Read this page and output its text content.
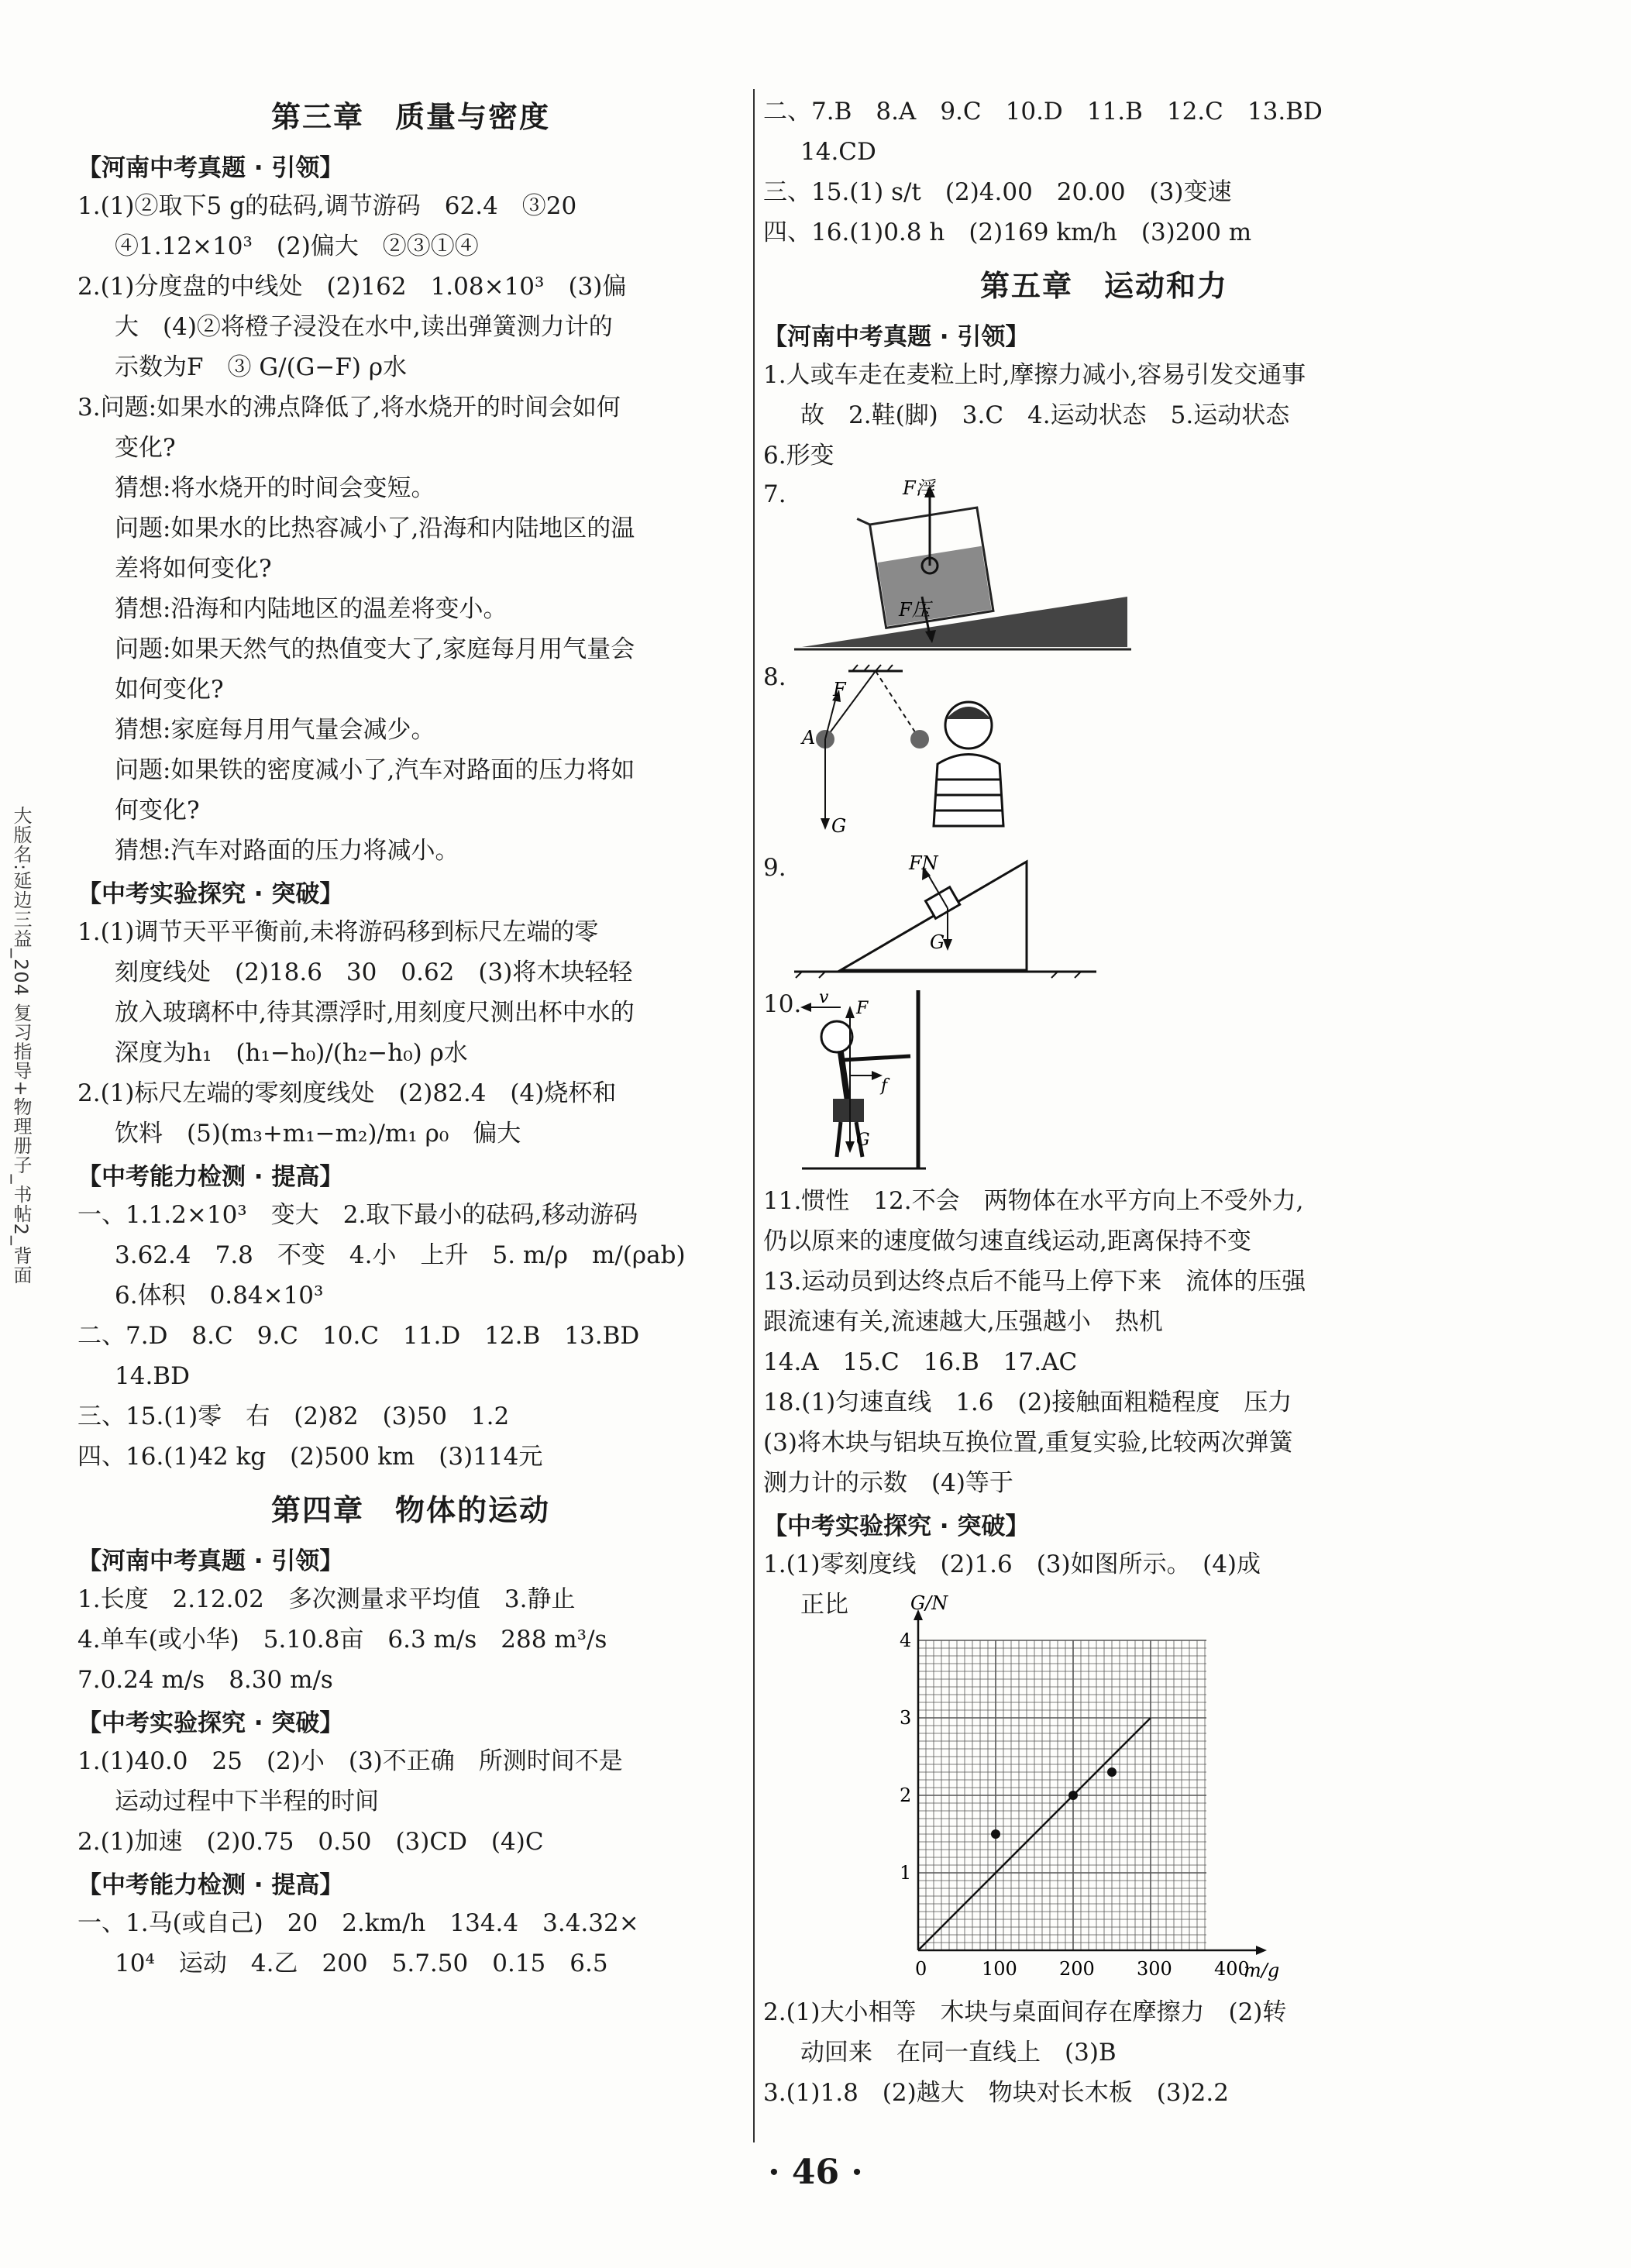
大版名:延边三益_204 复习指导+物理册子_书帖2_背面
第三章　质量与密度
【河南中考真题 · 引领】

1.(1)②取下5 g的砝码,调节游码　62.4　③20

④1.12×10³　(2)偏大　②③①④

2.(1)分度盘的中线处　(2)162　1.08×10³　(3)偏

大　(4)②将橙子浸没在水中,读出弹簧测力计的

示数为F　③ G/(G−F) ρ水

3.问题:如果水的沸点降低了,将水烧开的时间会如何

变化?

猜想:将水烧开的时间会变短。

问题:如果水的比热容减小了,沿海和内陆地区的温

差将如何变化?

猜想:沿海和内陆地区的温差将变小。

问题:如果天然气的热值变大了,家庭每月用气量会

如何变化?

猜想:家庭每月用气量会减少。

问题:如果铁的密度减小了,汽车对路面的压力将如

何变化?

猜想:汽车对路面的压力将减小。

【中考实验探究 · 突破】

1.(1)调节天平平衡前,未将游码移到标尺左端的零

刻度线处　(2)18.6　30　0.62　(3)将木块轻轻

放入玻璃杯中,待其漂浮时,用刻度尺测出杯中水的

深度为h₁　(h₁−h₀)/(h₂−h₀) ρ水

2.(1)标尺左端的零刻度线处　(2)82.4　(4)烧杯和

饮料　(5)(m₃+m₁−m₂)/m₁ ρ₀　偏大

【中考能力检测 · 提高】

一、1.1.2×10³　变大　2.取下最小的砝码,移动游码

3.62.4　7.8　不变　4.小　上升　5. m/ρ　m/(ρab)

6.体积　0.84×10³

二、7.D　8.C　9.C　10.C　11.D　12.B　13.BD

14.BD

三、15.(1)零　右　(2)82　(3)50　1.2

四、16.(1)42 kg　(2)500 km　(3)114元

第四章　物体的运动
【河南中考真题 · 引领】

1.长度　2.12.02　多次测量求平均值　3.静止

4.单车(或小华)　5.10.8亩　6.3 m/s　288 m³/s

7.0.24 m/s　8.30 m/s

【中考实验探究 · 突破】

1.(1)40.0　25　(2)小　(3)不正确　所测时间不是

运动过程中下半程的时间

2.(1)加速　(2)0.75　0.50　(3)CD　(4)C

【中考能力检测 · 提高】

一、1.马(或自己)　20　2.km/h　134.4　3.4.32×

10⁴　运动　4.乙　200　5.7.50　0.15　6.5

二、7.B　8.A　9.C　10.D　11.B　12.C　13.BD

14.CD

三、15.(1) s/t　(2)4.00　20.00　(3)变速

四、16.(1)0.8 h　(2)169 km/h　(3)200 m

第五章　运动和力
【河南中考真题 · 引领】

1.人或车走在麦粒上时,摩擦力减小,容易引发交通事

故　2.鞋(脚)　3.C　4.运动状态　5.运动状态

6.形变

7.	F浮
F压
8.	F
A
G
9.	FN
G
10. v
F
f
G

11.惯性　12.不会　两物体在水平方向上不受外力,

仍以原来的速度做匀速直线运动,距离保持不变

13.运动员到达终点后不能马上停下来　流体的压强

跟流速有关,流速越大,压强越小　热机

14.A　15.C　16.B　17.AC

18.(1)匀速直线　1.6　(2)接触面粗糙程度　压力

(3)将木块与铝块互换位置,重复实验,比较两次弹簧

测力计的示数　(4)等于

【中考实验探究 · 突破】

1.(1)零刻度线　(2)1.6　(3)如图所示。　(4)成

正比

0	100 200 300 400
1
2
3
4
m/g
G/N

2.(1)大小相等　木块与桌面间存在摩擦力　(2)转

动回来　在同一直线上　(3)B

3.(1)1.8　(2)越大　物块对长木板　(3)2.2

· 46 ·
